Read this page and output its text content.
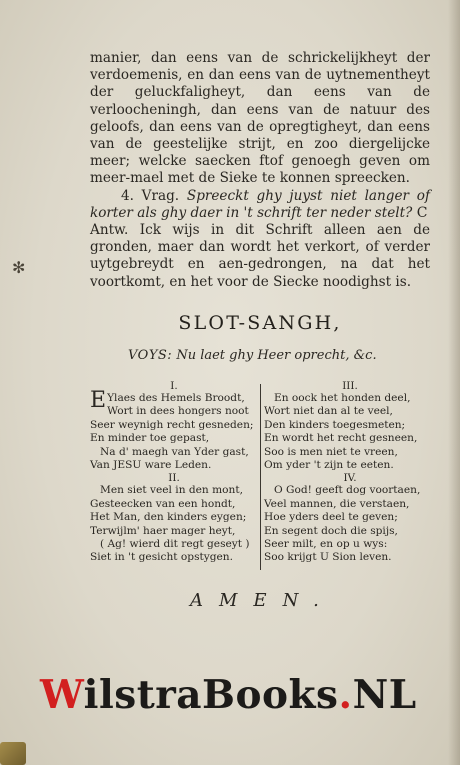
manier, dan eens van de schrickelijkheyt der verdoemenis, en dan eens van de uytnementheyt der geluckfaligheyt, dan eens van de verloocheningh, dan eens van de natuur des geloofs, dan eens van de opregtigheyt, dan eens van de geestelijke strijt, en zoo diergelijcke meer; welcke saecken ftof genoegh geven om meer-mael met de Sieke te konnen spreecken.

4. Vrag. Spreeckt ghy juyst niet langer of korter als ghy daer in 't schrift ter neder stelt? C

Antw. Ick wijs in dit Schrift alleen aen de gronden, maer dan wordt het verkort, of verder uytgebreydt en aen-gedrongen, na dat het voortkomt, en het voor de Siecke noodighst is.

✻
SLOT-SANGH,
VOYS: Nu laet ghy Heer oprecht, &c.
I.
E Ylaes des Hemels Broodt,
Wort in dees hongers noot
Seer weynigh recht gesneden;
En minder toe gepast,
Na d' maegh van Yder gast,
Van JESU ware Leden.
II.
Men siet veel in den mont,
Gesteecken van een hondt,
Het Man, den kinders eygen;
Terwijlm' haer mager heyt,
( Ag! wierd dit regt geseyt )
Siet in 't gesicht opstygen.
III.
En oock het honden deel,
Wort niet dan al te veel,
Den kinders toegesmeten;
En wordt het recht gesneen,
Soo is men niet te vreen,
Om yder 't zijn te eeten.
IV.
O God! geeft dog voortaen,
Veel mannen, die verstaen,
Hoe yders deel te geven;
En segent doch die spijs,
Seer milt, en op u wys:
Soo krijgt U Sion leven.
AMEN.
WilstraBooks.NL
